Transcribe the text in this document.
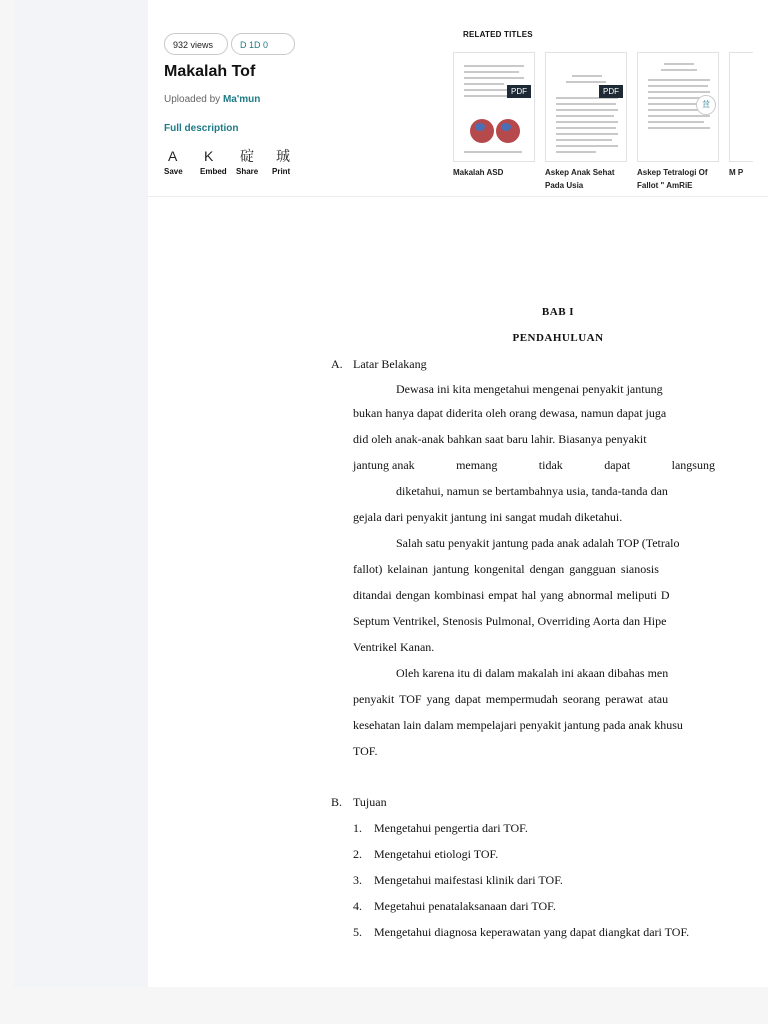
932 views	D 1D 0
Makalah Tof
Uploaded by Ma'mun
Full description
A
Save
K
Embed
碇
Share
珹
Print
RELATED TITLES
PDF
Makalah ASD
PDF
Askep Anak Sehat Pada Usia
荁
Askep Tetralogi Of Fallot " AmRiE
M P
BAB I
PENDAHULUAN
A. Latar Belakang
Dewasa ini kita mengetahui mengenai penyakit jantung
bukan hanya dapat diderita oleh orang dewasa, namun dapat juga
did oleh anak-anak bahkan saat baru lahir. Biasanya penyakit
jantung anak	memang	tidak	dapat	langsung
diketahui, namun se bertambahnya usia, tanda-tanda dan
gejala dari penyakit jantung ini sangat mudah diketahui.
Salah satu penyakit jantung pada anak adalah TOP (Tetralo
fallot) kelainan jantung kongenital dengan gangguan sianosis
ditandai dengan kombinasi empat hal yang abnormal meliputi D
Septum Ventrikel, Stenosis Pulmonal, Overriding Aorta dan Hipe
Ventrikel Kanan.
Oleh karena itu di dalam makalah ini akaan dibahas men
penyakit TOF yang dapat mempermudah seorang perawat atau
kesehatan lain dalam mempelajari penyakit jantung pada anak khusu
TOF.
B. Tujuan
1. Mengetahui pengertia dari TOF.
2. Mengetahui etiologi TOF.
3. Mengetahui maifestasi klinik dari TOF.
4. Megetahui penatalaksanaan dari TOF.
5. Mengetahui diagnosa keperawatan yang dapat diangkat dari TOF.
